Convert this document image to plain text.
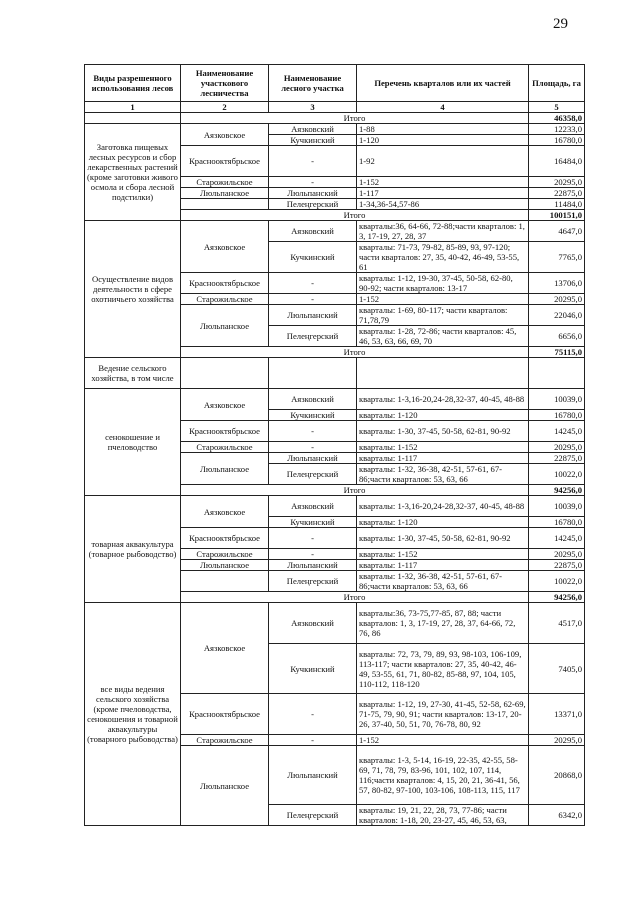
29
Виды разрешенного использования лесов	Наименование участкового лесничества	Наименование лесного участка	Перечень кварталов или их частей	Площадь, га
1	2	3	4	5
	Итого			46358,0
Заготовка пищевых лесных ресурсов и сбор лекарственных растений (кроме заготовки живого осмола и сбора лесной подстилки)	Аязковское	Аязковский	1-88	12233,0
		Кучкинский	1-120	16780,0
	Краснооктябрьское	-	1-92	16484,0
	Старожильское	-	1-152	20295,0
	Люльпанское	Люльпанский	1-117	22875,0
		Пелеңгерский	1-34,36-54,57-86	11484,0
	Итого			100151,0
Осуществление видов деятельности в сфере охотничьего хозяйства	Аязковское	Аязковский	кварталы:36, 64-66, 72-88;части кварталов: 1, 3, 17-19, 27, 28, 37	4647,0
		Кучкинский	кварталы: 71-73, 79-82, 85-89, 93, 97-120; части кварталов: 27, 35, 40-42, 46-49, 53-55, 61	7765,0
	Краснооктябрьское	-	кварталы: 1-12, 19-30, 37-45, 50-58, 62-80, 90-92; части кварталов: 13-17	13706,0
	Старожильское	-	1-152	20295,0
	Люльпанское	Люльпанский	кварталы: 1-69, 80-117; части кварталов: 71,78,79	22046,0
		Пелеңгерский	кварталы: 1-28, 72-86; части кварталов: 45, 46, 53, 63, 66, 69, 70	6656,0
	Итого			75115,0
Ведение сельского хозяйства, в том числе				
сенокошение и пчеловодство	Аязковское	Аязковский	кварталы: 1-3,16-20,24-28,32-37, 40-45, 48-88	10039,0
		Кучкинский	кварталы: 1-120	16780,0
	Краснооктябрьское	-	кварталы: 1-30, 37-45, 50-58, 62-81, 90-92	14245,0
	Старожильское	-	кварталы: 1-152	20295,0
	Люльпанское	Люльпанский	кварталы: 1-117	22875,0
		Пелеңгерский	кварталы: 1-32, 36-38, 42-51, 57-61, 67-86;части кварталов: 53, 63, 66	10022,0
	Итого			94256,0
товарная аквакультура (товарное рыбоводство)	Аязковское	Аязковский	кварталы: 1-3,16-20,24-28,32-37, 40-45, 48-88	10039,0
		Кучкинский	кварталы: 1-120	16780,0
	Краснооктябрьское	-	кварталы: 1-30, 37-45, 50-58, 62-81, 90-92	14245,0
	Старожильское	-	кварталы: 1-152	20295,0
	Люльпанское	Люльпанский	кварталы: 1-117	22875,0
		Пелеңгерский	кварталы: 1-32, 36-38, 42-51, 57-61, 67-86;части кварталов: 53, 63, 66	10022,0
	Итого			94256,0
все виды ведения сельского хозяйства (кроме пчеловодства, сенокошения и товарной аквакультуры (товарного рыбоводства)	Аязковское	Аязковский	кварталы:36, 73-75,77-85, 87, 88; части кварталов: 1, 3, 17-19, 27, 28, 37, 64-66, 72, 76, 86	4517,0
		Кучкинский	кварталы: 72, 73, 79, 89, 93, 98-103, 106-109, 113-117; части кварталов: 27, 35, 40-42, 46-49, 53-55, 61, 71, 80-82, 85-88, 97, 104, 105, 110-112, 118-120	7405,0
	Краснооктябрьское	-	кварталы: 1-12, 19, 27-30, 41-45, 52-58, 62-69, 71-75, 79, 90, 91; части кварталов: 13-17, 20-26, 37-40, 50, 51, 70, 76-78, 80, 92	13371,0
	Старожильское	-	1-152	20295,0
	Люльпанское	Люльпанский	кварталы: 1-3, 5-14, 16-19, 22-35, 42-55, 58-69, 71, 78, 79, 83-96, 101, 102, 107, 114, 116;части кварталов: 4, 15, 20, 21, 36-41, 56, 57, 80-82, 97-100, 103-106, 108-113, 115, 117	20868,0
		Пелеңгерский	кварталы: 19, 21, 22, 28, 73, 77-86; части кварталов: 1-18, 20, 23-27, 45, 46, 53, 63,	6342,0
